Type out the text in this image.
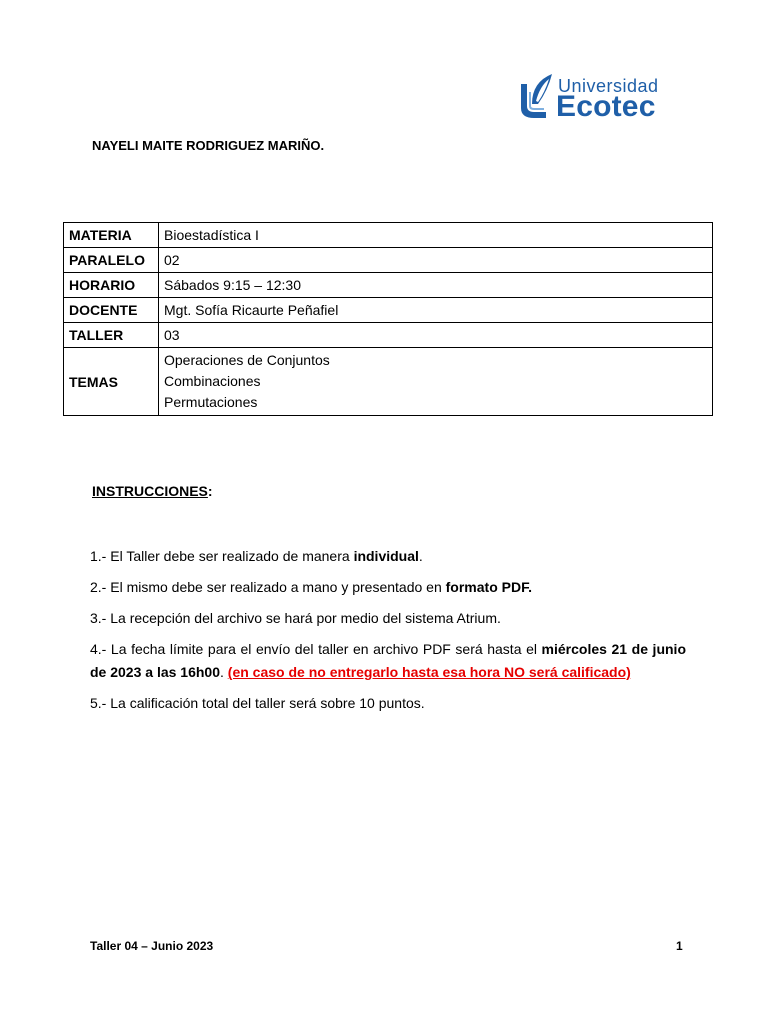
Universidad
Ecotec
NAYELI MAITE RODRIGUEZ MARIÑO.
MATERIA	Bioestadística I
PARALELO	02
HORARIO	Sábados 9:15 – 12:30
DOCENTE	Mgt. Sofía Ricaurte Peñafiel
TALLER	03
TEMAS	Operaciones de Conjuntos
Combinaciones
Permutaciones
INSTRUCCIONES:

1.- El Taller debe ser realizado de manera individual.

2.- El mismo debe ser realizado a mano y presentado en formato PDF.

3.- La recepción del archivo se hará por medio del sistema Atrium.

4.- La fecha límite para el envío del taller en archivo PDF será hasta el miércoles 21 de junio de 2023 a las 16h00. (en caso de no entregarlo hasta esa hora NO será calificado)

5.- La calificación total del taller será sobre 10 puntos.

Taller 04 – Junio 2023	1
